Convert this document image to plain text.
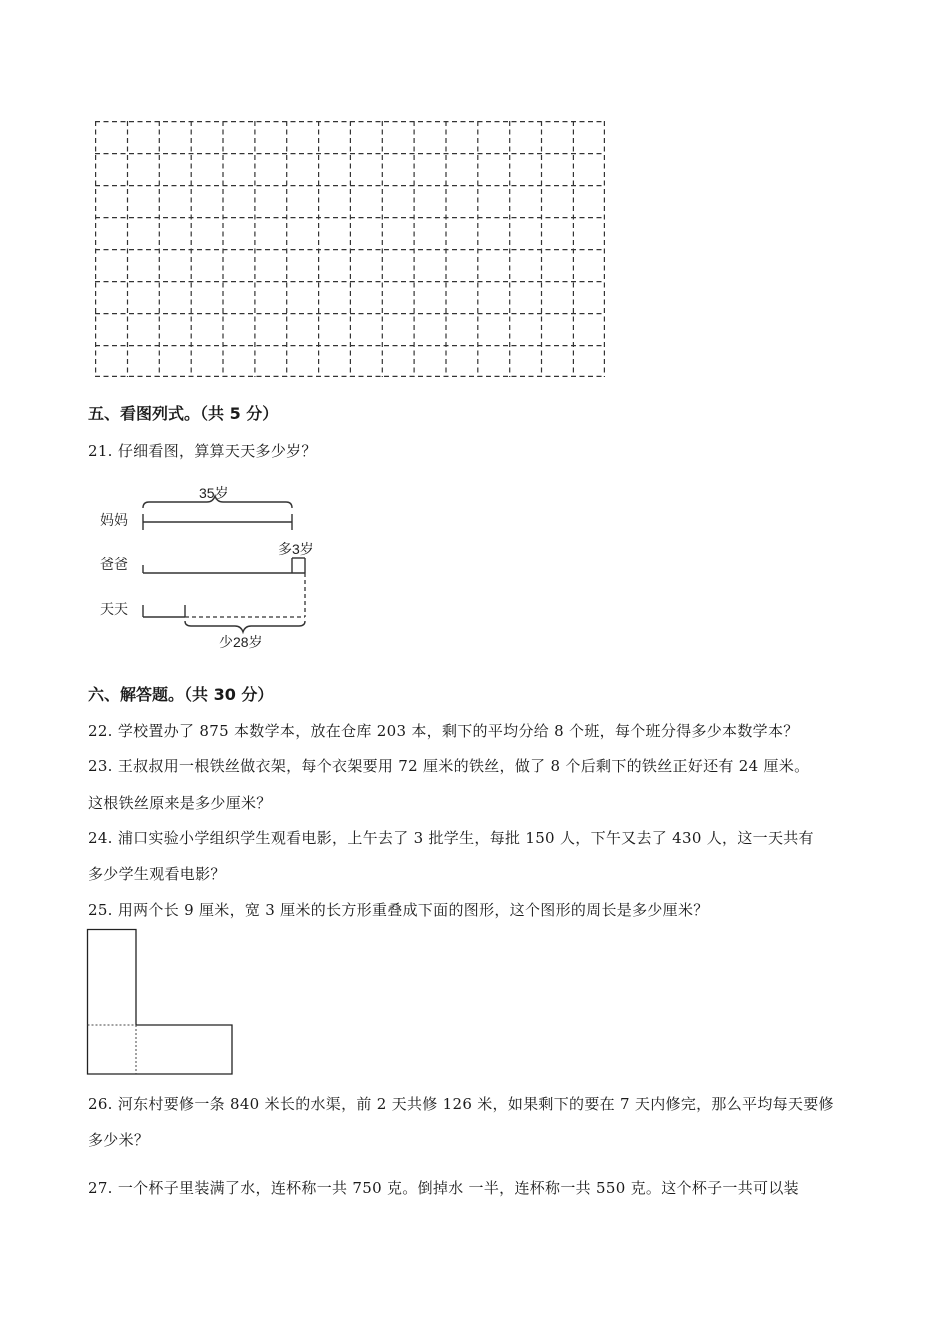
五、看图列式。（共 5 分）
21. 仔细看图，算算天天多少岁？
妈妈
爸爸
天天
35岁
多3岁
少28岁
六、解答题。（共 30 分）
22. 学校置办了 875 本数学本，放在仓库 203 本，剩下的平均分给 8 个班，每个班分得多少本数学本？
23. 王叔叔用一根铁丝做衣架，每个衣架要用 72 厘米的铁丝，做了 8 个后剩下的铁丝正好还有 24 厘米。
这根铁丝原来是多少厘米？
24. 浦口实验小学组织学生观看电影，上午去了 3 批学生，每批 150 人，下午又去了 430 人，这一天共有
多少学生观看电影？
25. 用两个长 9 厘米，宽 3 厘米的长方形重叠成下面的图形，这个图形的周长是多少厘米？
26. 河东村要修一条 840 米长的水渠，前 2 天共修 126 米，如果剩下的要在 7 天内修完，那么平均每天要修
多少米？
27. 一个杯子里装满了水，连杯称一共 750 克。倒掉水 一半，连杯称一共 550 克。这个杯子一共可以装
